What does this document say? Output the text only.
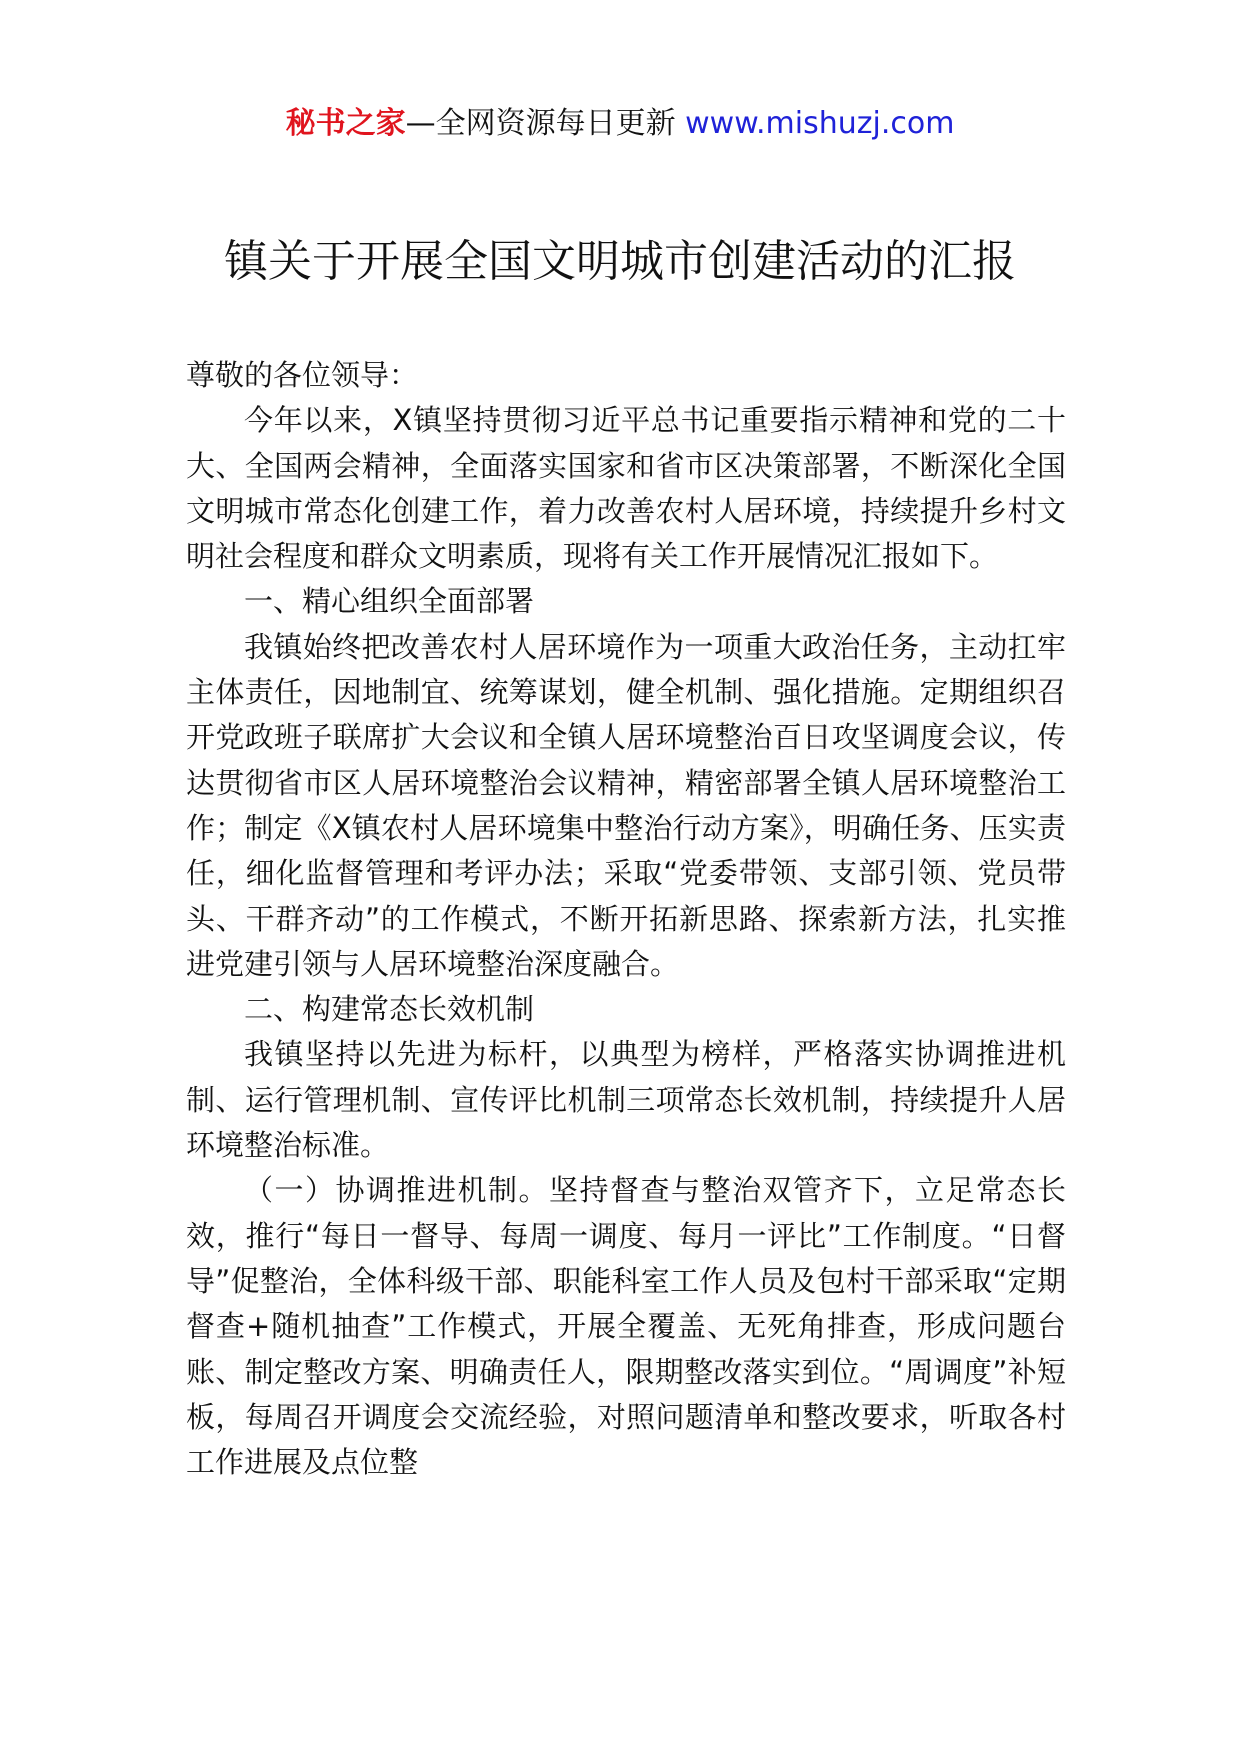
秘书之家—全网资源每日更新 www.mishuzj.com
镇关于开展全国文明城市创建活动的汇报

尊敬的各位领导：

今年以来，X镇坚持贯彻习近平总书记重要指示精神和党的二十大、全国两会精神，全面落实国家和省市区决策部署，不断深化全国文明城市常态化创建工作，着力改善农村人居环境，持续提升乡村文明社会程度和群众文明素质，现将有关工作开展情况汇报如下。

一、精心组织全面部署

我镇始终把改善农村人居环境作为一项重大政治任务，主动扛牢主体责任，因地制宜、统筹谋划，健全机制、强化措施。定期组织召开党政班子联席扩大会议和全镇人居环境整治百日攻坚调度会议，传达贯彻省市区人居环境整治会议精神，精密部署全镇人居环境整治工作；制定《X镇农村人居环境集中整治行动方案》，明确任务、压实责任，细化监督管理和考评办法；采取“党委带领、支部引领、党员带头、干群齐动”的工作模式，不断开拓新思路、探索新方法，扎实推进党建引领与人居环境整治深度融合。

二、构建常态长效机制

我镇坚持以先进为标杆，以典型为榜样，严格落实协调推进机制、运行管理机制、宣传评比机制三项常态长效机制，持续提升人居环境整治标准。

（一）协调推进机制。坚持督查与整治双管齐下，立足常态长效，推行“每日一督导、每周一调度、每月一评比”工作制度。“日督导”促整治，全体科级干部、职能科室工作人员及包村干部采取“定期督查+随机抽查”工作模式，开展全覆盖、无死角排查，形成问题台账、制定整改方案、明确责任人，限期整改落实到位。“周调度”补短板，每周召开调度会交流经验，对照问题清单和整改要求，听取各村工作进展及点位整
